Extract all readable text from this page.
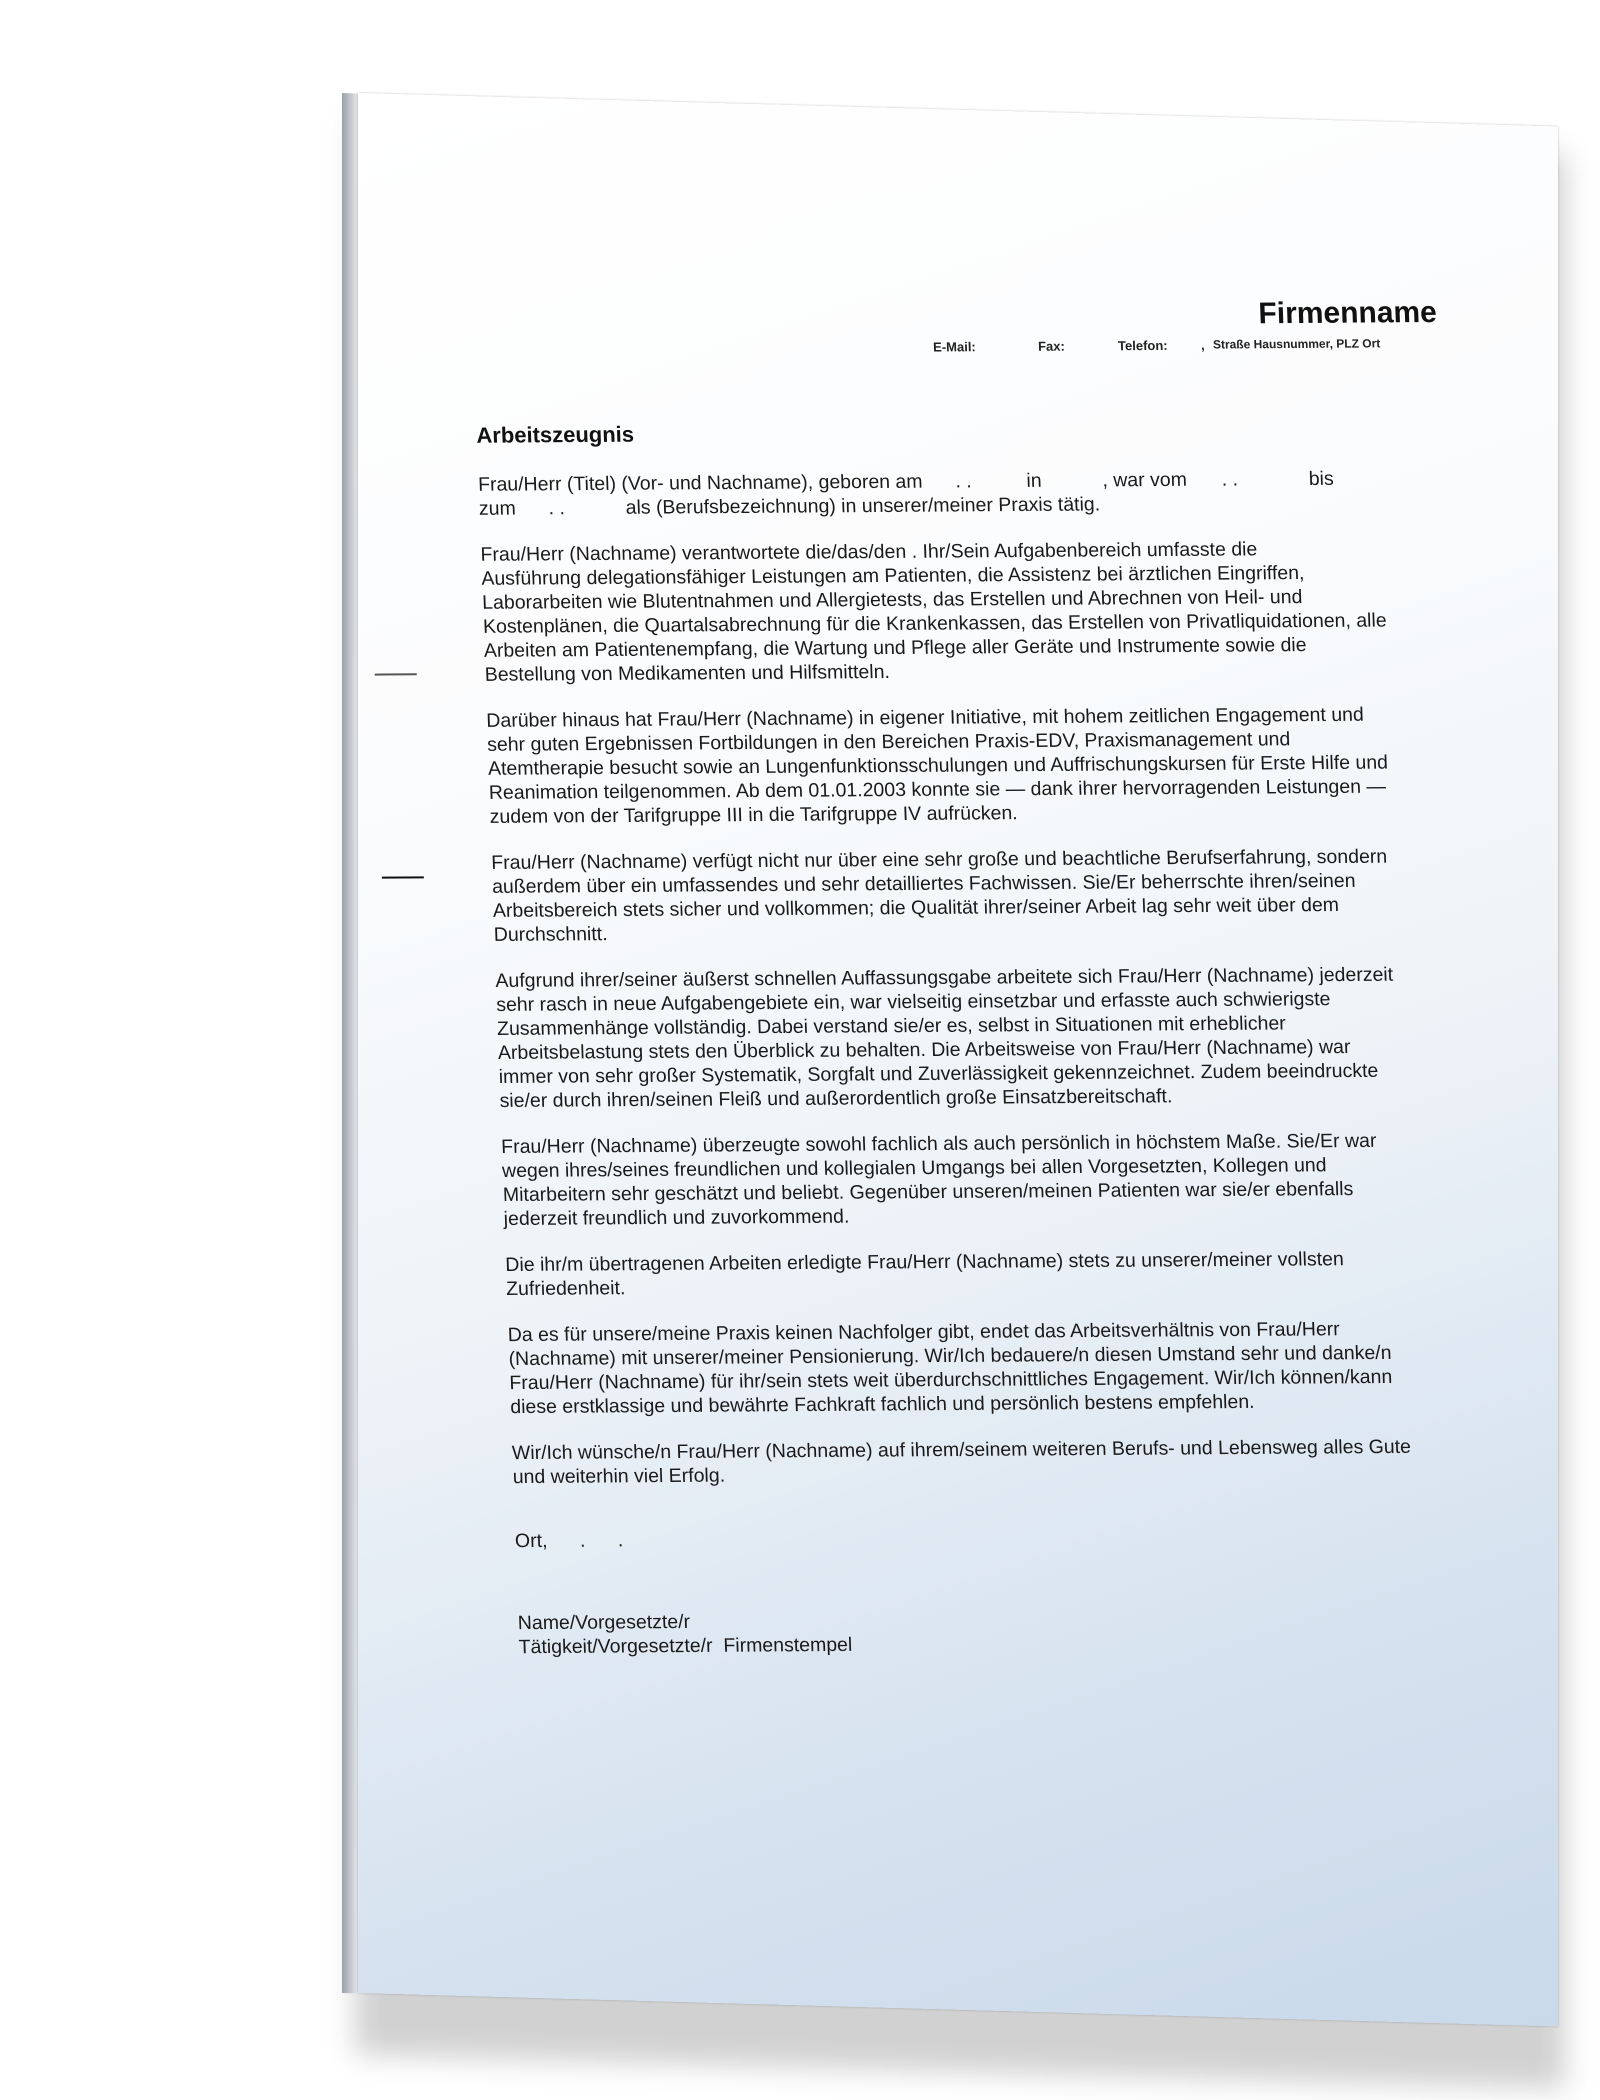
Firmenname
E-Mail:	Fax:	Telefon:	, Straße Hausnummer, PLZ Ort
Arbeitszeugnis
Frau/Herr (Titel) (Vor- und Nachname), geboren am . .	in	, war vom . .	bis
zum . .	als (Berufsbezeichnung) in unserer/meiner Praxis tätig.
Frau/Herr (Nachname) verantwortete die/das/den . Ihr/Sein Aufgabenbereich umfasste die
Ausführung delegationsfähiger Leistungen am Patienten, die Assistenz bei ärztlichen Eingriffen,
Laborarbeiten wie Blutentnahmen und Allergietests, das Erstellen und Abrechnen von Heil- und
Kostenplänen, die Quartalsabrechnung für die Krankenkassen, das Erstellen von Privatliquidationen, alle
Arbeiten am Patientenempfang, die Wartung und Pflege aller Geräte und Instrumente sowie die
Bestellung von Medikamenten und Hilfsmitteln.
Darüber hinaus hat Frau/Herr (Nachname) in eigener Initiative, mit hohem zeitlichen Engagement und
sehr guten Ergebnissen Fortbildungen in den Bereichen Praxis-EDV, Praxismanagement und
Atemtherapie besucht sowie an Lungenfunktionsschulungen und Auffrischungskursen für Erste Hilfe und
Reanimation teilgenommen. Ab dem 01.01.2003 konnte sie — dank ihrer hervorragenden Leistungen —
zudem von der Tarifgruppe III in die Tarifgruppe IV aufrücken.
Frau/Herr (Nachname) verfügt nicht nur über eine sehr große und beachtliche Berufserfahrung, sondern
außerdem über ein umfassendes und sehr detailliertes Fachwissen. Sie/Er beherrschte ihren/seinen
Arbeitsbereich stets sicher und vollkommen; die Qualität ihrer/seiner Arbeit lag sehr weit über dem
Durchschnitt.
Aufgrund ihrer/seiner äußerst schnellen Auffassungsgabe arbeitete sich Frau/Herr (Nachname) jederzeit
sehr rasch in neue Aufgabengebiete ein, war vielseitig einsetzbar und erfasste auch schwierigste
Zusammenhänge vollständig. Dabei verstand sie/er es, selbst in Situationen mit erheblicher
Arbeitsbelastung stets den Überblick zu behalten. Die Arbeitsweise von Frau/Herr (Nachname) war
immer von sehr großer Systematik, Sorgfalt und Zuverlässigkeit gekennzeichnet. Zudem beeindruckte
sie/er durch ihren/seinen Fleiß und außerordentlich große Einsatzbereitschaft.
Frau/Herr (Nachname) überzeugte sowohl fachlich als auch persönlich in höchstem Maße. Sie/Er war
wegen ihres/seines freundlichen und kollegialen Umgangs bei allen Vorgesetzten, Kollegen und
Mitarbeitern sehr geschätzt und beliebt. Gegenüber unseren/meinen Patienten war sie/er ebenfalls
jederzeit freundlich und zuvorkommend.
Die ihr/m übertragenen Arbeiten erledigte Frau/Herr (Nachname) stets zu unserer/meiner vollsten
Zufriedenheit.
Da es für unsere/meine Praxis keinen Nachfolger gibt, endet das Arbeitsverhältnis von Frau/Herr
(Nachname) mit unserer/meiner Pensionierung. Wir/Ich bedauere/n diesen Umstand sehr und danke/n
Frau/Herr (Nachname) für ihr/sein stets weit überdurchschnittliches Engagement. Wir/Ich können/kann
diese erstklassige und bewährte Fachkraft fachlich und persönlich bestens empfehlen.
Wir/Ich wünsche/n Frau/Herr (Nachname) auf ihrem/seinem weiteren Berufs- und Lebensweg alles Gute
und weiterhin viel Erfolg.
Ort,      .      .
Name/Vorgesetzte/r
Tätigkeit/Vorgesetzte/r  Firmenstempel
